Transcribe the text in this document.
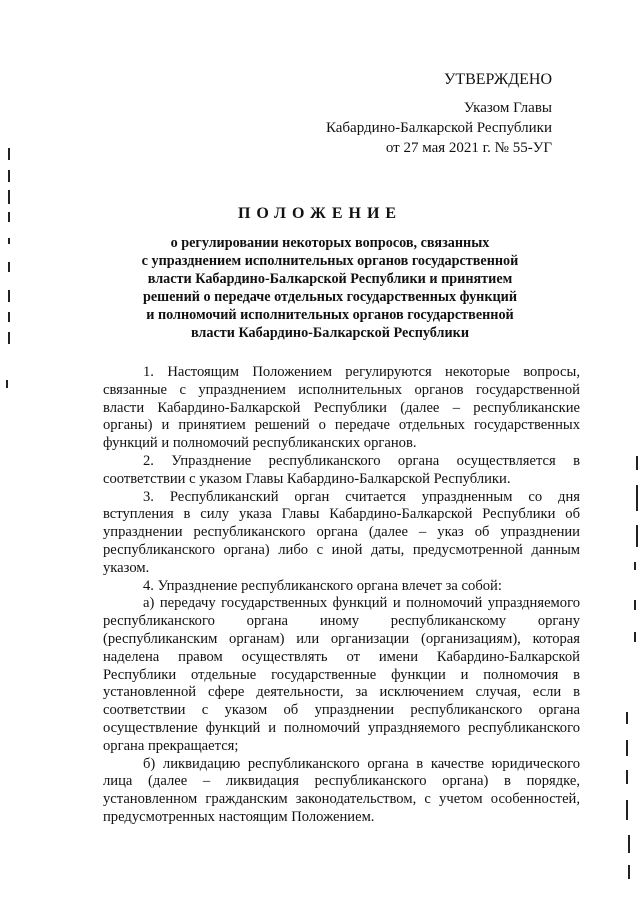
УТВЕРЖДЕНО
Указом Главы
Кабардино-Балкарской Республики
от 27 мая 2021 г. № 55-УГ
ПОЛОЖЕНИЕ
о регулировании некоторых вопросов, связанных
с упразднением исполнительных органов государственной
власти Кабардино-Балкарской Республики и принятием
решений о передаче отдельных государственных функций
и полномочий исполнительных органов государственной
власти Кабардино-Балкарской Республики

1. Настоящим Положением регулируются некоторые вопросы, связанные с упразднением исполнительных органов государственной власти Кабардино-Балкарской Республики (далее – республиканские органы) и принятием решений о передаче отдельных государственных функций и полномочий республиканских органов.

2. Упразднение республиканского органа осуществляется в соответствии с указом Главы Кабардино-Балкарской Республики.

3. Республиканский орган считается упраздненным со дня вступления в силу указа Главы Кабардино-Балкарской Республики об упразднении республиканского органа (далее – указ об упразднении республиканского органа) либо с иной даты, предусмотренной данным указом.

4. Упразднение республиканского органа влечет за собой:

а) передачу государственных функций и полномочий упраздняемого республиканского органа иному республиканскому органу (республиканским органам) или организации (организациям), которая наделена правом осуществлять от имени Кабардино-Балкарской Республики отдельные государственные функции и полномочия в установленной сфере деятельности, за исключением случая, если в соответствии с указом об упразднении республиканского органа осуществление функций и полномочий упраздняемого республиканского органа прекращается;

б) ликвидацию республиканского органа в качестве юридического лица (далее – ликвидация республиканского органа) в порядке, установленном гражданским законодательством, с учетом особенностей, предусмотренных настоящим Положением.
